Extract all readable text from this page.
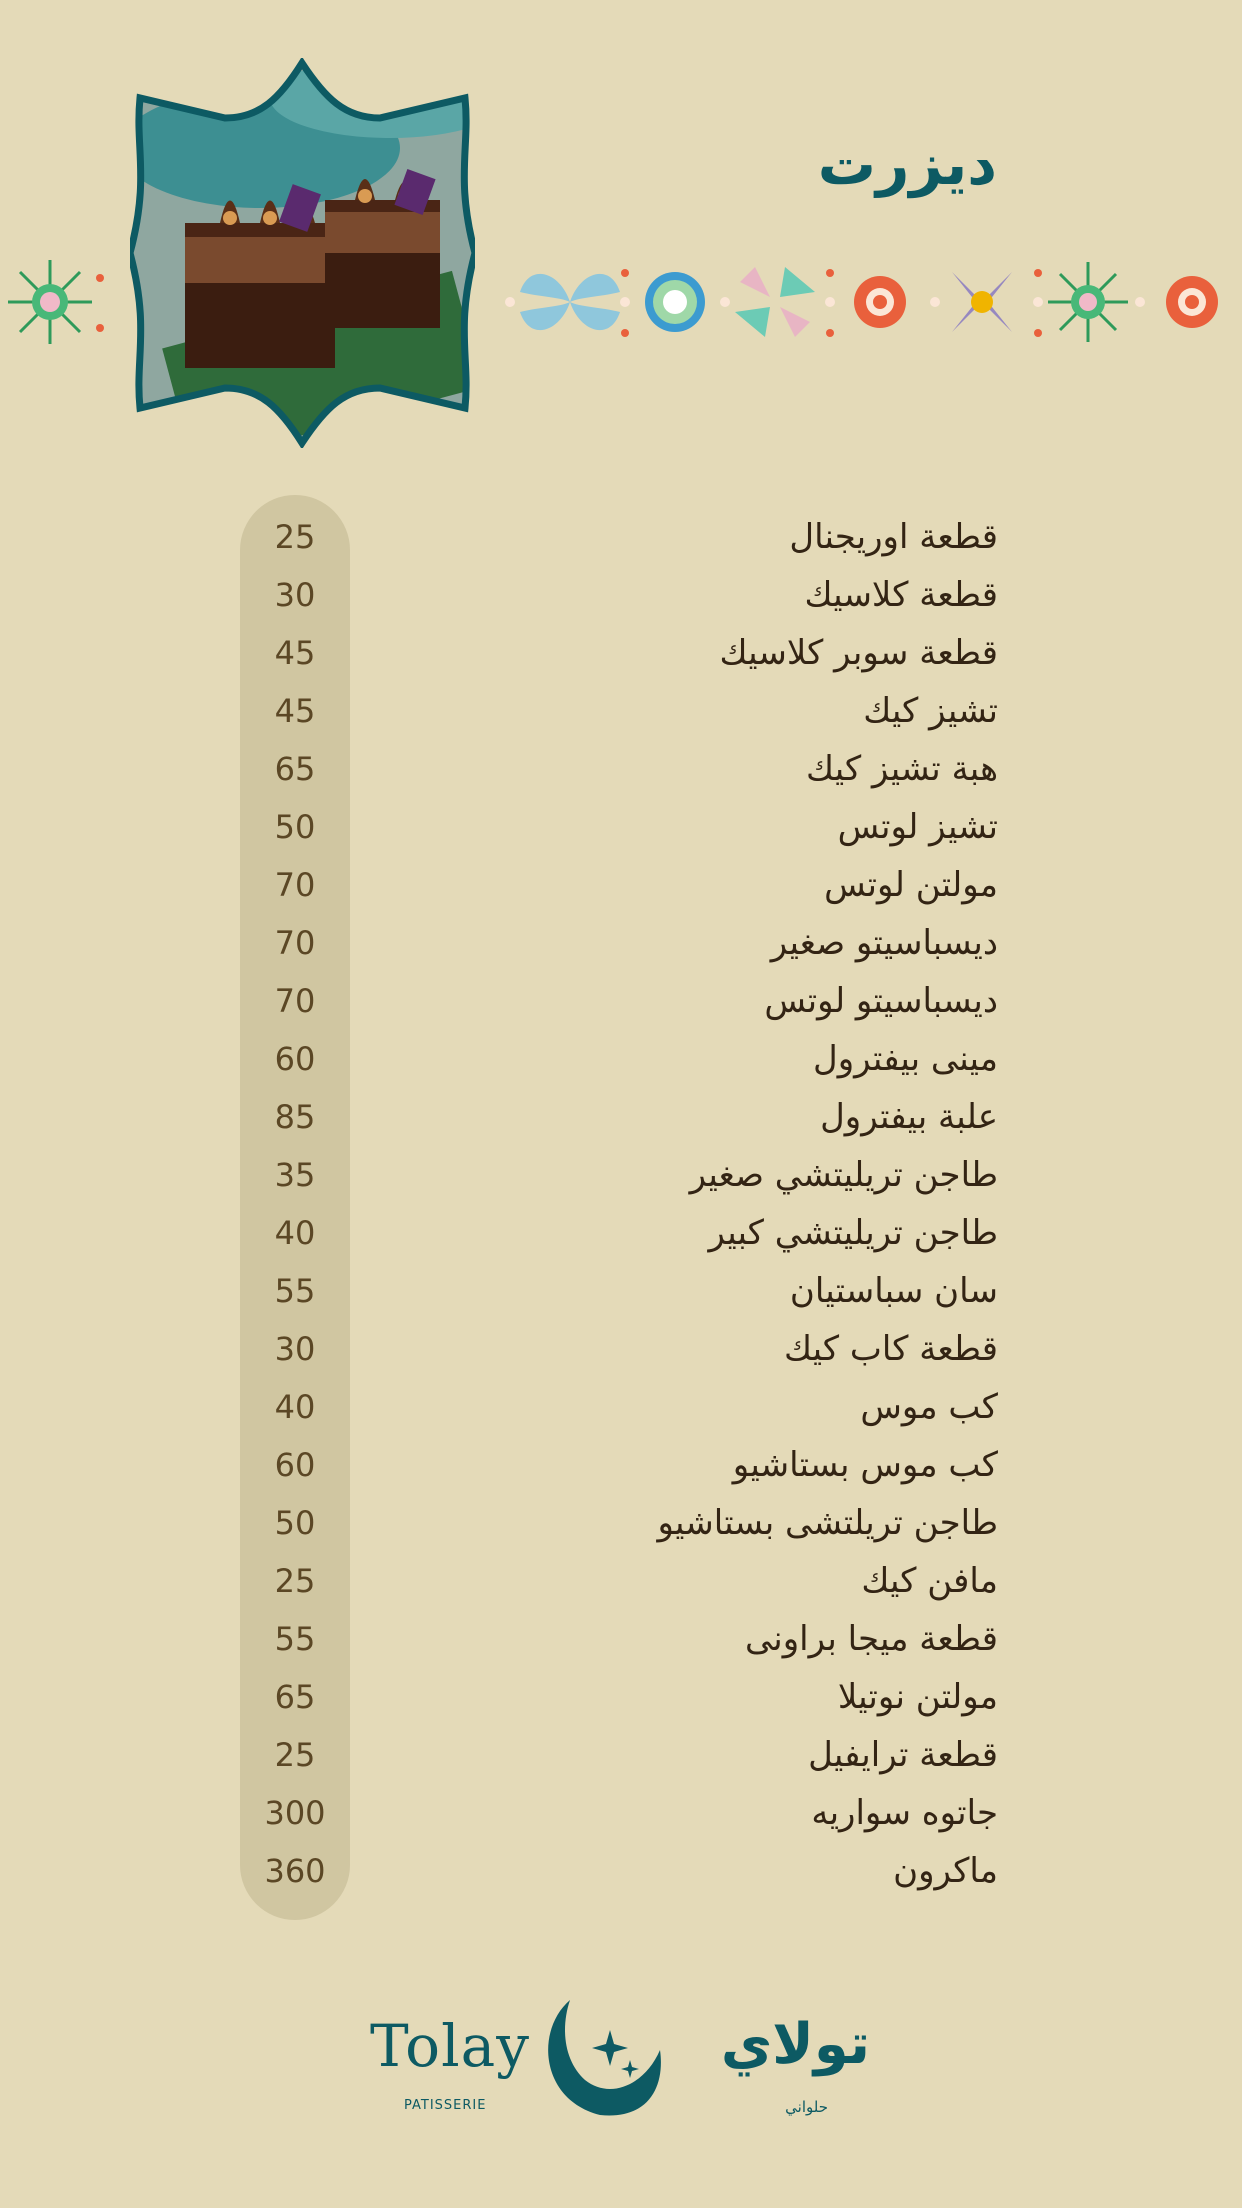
ديزرت
25	قطعة اوريجنال
30	قطعة كلاسيك
45	قطعة سوبر كلاسيك
45	تشيز كيك
65	هبة تشيز كيك
50	تشيز لوتس
70	مولتن لوتس
70	ديسباسيتو صغير
70	ديسباسيتو لوتس
60	مينى بيفترول
85	علبة بيفترول
35	طاجن تريليتشي صغير
40	طاجن تريليتشي كبير
55	سان سباستيان
30	قطعة كاب كيك
40	كب موس
60	كب موس بستاشيو
50	طاجن تريلتشى بستاشيو
25	مافن كيك
55	قطعة ميجا براونى
65	مولتن نوتيلا
25	قطعة ترايفيل
300	جاتوه سواريه
360	ماكرون
Tolay
PATISSERIE
تولاي
حلواني
